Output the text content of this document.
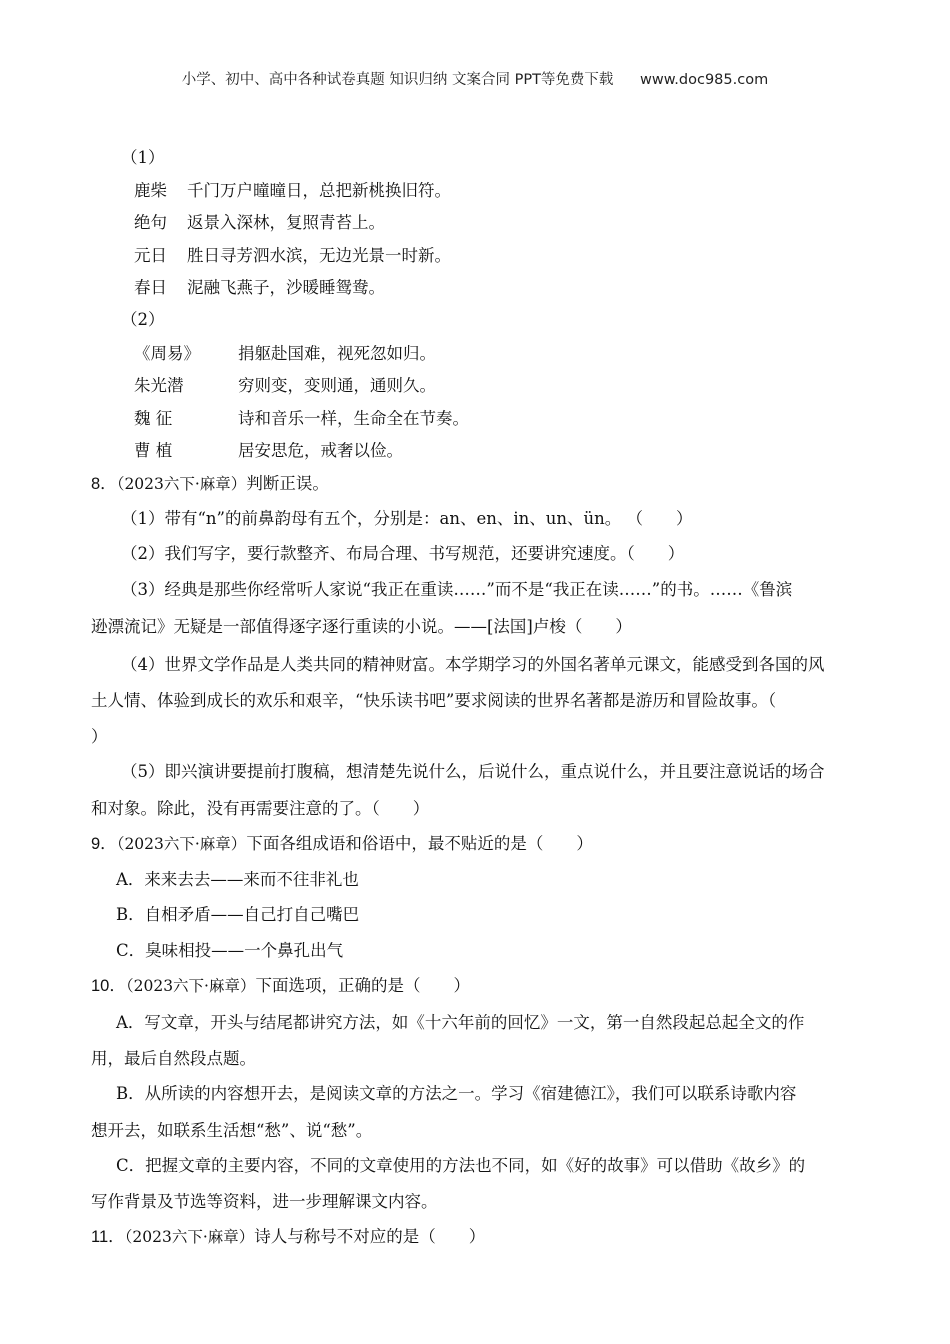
小学、初中、高中各种试卷真题 知识归纳 文案合同 PPT等免费下载 www.doc985.com
（1）
鹿柴 千门万户曈曈日，总把新桃换旧符。
绝句 返景入深林，复照青苔上。
元日 胜日寻芳泗水滨，无边光景一时新。
春日 泥融飞燕子，沙暖睡鸳鸯。
（2）
《周易》 捐躯赴国难，视死忽如归。
朱光潜	穷则变，变则通，通则久。
魏 征	诗和音乐一样，生命全在节奏。
曹 植	居安思危，戒奢以俭。
8．（2023六下·麻章）判断正误。
（1）带有“n”的前鼻韵母有五个，分别是：an、en、in、un、ün。 （　　）
（2）我们写字，要行款整齐、布局合理、书写规范，还要讲究速度。（　　）
（3）经典是那些你经常听人家说“我正在重读……”而不是“我正在读……”的书。……《鲁滨
逊漂流记》无疑是一部值得逐字逐行重读的小说。——[法国]卢梭（　　）
（4）世界文学作品是人类共同的精神财富。本学期学习的外国名著单元课文，能感受到各国的风
土人情、体验到成长的欢乐和艰辛，“快乐读书吧”要求阅读的世界名著都是游历和冒险故事。（
）
（5）即兴演讲要提前打腹稿，想清楚先说什么，后说什么，重点说什么，并且要注意说话的场合
和对象。除此，没有再需要注意的了。（　　）
9．（2023六下·麻章）下面各组成语和俗语中，最不贴近的是（　　）
A．来来去去——来而不往非礼也
B．自相矛盾——自己打自己嘴巴
C．臭味相投——一个鼻孔出气
10．（2023六下·麻章）下面选项，正确的是（　　）
A．写文章，开头与结尾都讲究方法，如《十六年前的回忆》一文，第一自然段起总起全文的作
用，最后自然段点题。
B．从所读的内容想开去，是阅读文章的方法之一。学习《宿建德江》，我们可以联系诗歌内容
想开去，如联系生活想“愁”、说“愁”。
C．把握文章的主要内容，不同的文章使用的方法也不同，如《好的故事》可以借助《故乡》的
写作背景及节选等资料，进一步理解课文内容。
11．（2023六下·麻章）诗人与称号不对应的是（　　）
